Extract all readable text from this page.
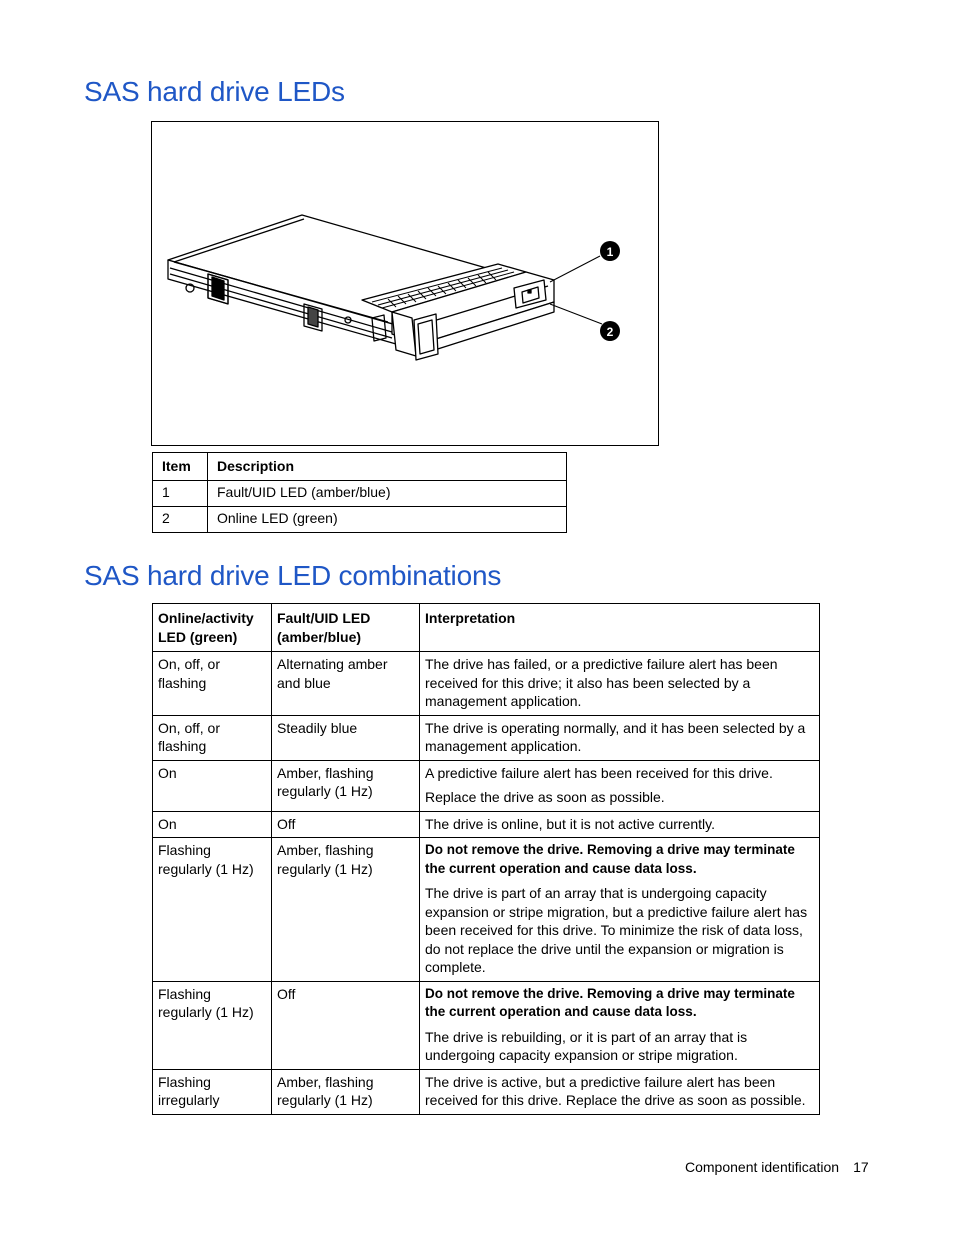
SAS hard drive LEDs
1
2
Item	Description
1	Fault/UID LED (amber/blue)
2	Online LED (green)
SAS hard drive LED combinations
Online/activity LED (green)	Fault/UID LED (amber/blue)	Interpretation
On, off, or flashing	Alternating amber and blue	The drive has failed, or a predictive failure alert has been received for this drive; it also has been selected by a management application.

On, off, or flashing	Steadily blue	The drive is operating normally, and it has been selected by a management application.

On	Amber, flashing regularly (1 Hz)	A predictive failure alert has been received for this drive.

Replace the drive as soon as possible.

On	Off	The drive is online, but it is not active currently.

Flashing regularly (1 Hz)	Amber, flashing regularly (1 Hz)	Do not remove the drive. Removing a drive may terminate the current operation and cause data loss.

The drive is part of an array that is undergoing capacity expansion or stripe migration, but a predictive failure alert has been received for this drive. To minimize the risk of data loss, do not replace the drive until the expansion or migration is complete.

Flashing regularly (1 Hz)	Off	Do not remove the drive. Removing a drive may terminate the current operation and cause data loss.

The drive is rebuilding, or it is part of an array that is undergoing capacity expansion or stripe migration.

Flashing irregularly	Amber, flashing regularly (1 Hz)	The drive is active, but a predictive failure alert has been received for this drive. Replace the drive as soon as possible.

Component identification 17
